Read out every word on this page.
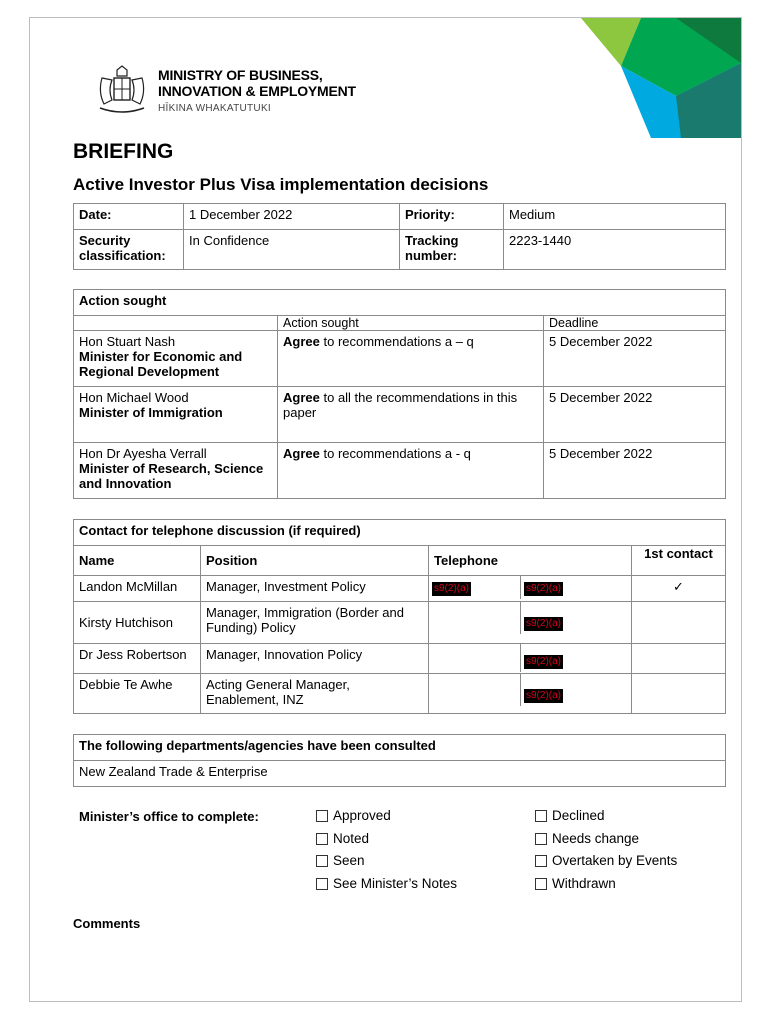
MINISTRY OF BUSINESS,
INNOVATION & EMPLOYMENT
HĪKINA WHAKATUTUKI
BRIEFING
Active Investor Plus Visa implementation decisions
Date:	1 December 2022	Priority:	Medium
Security classification:	In Confidence	Tracking number:	2223-1440
Action sought		
	Action sought	Deadline

Hon Stuart Nash
Minister for Economic and Regional Development	Agree to recommendations a – q	5 December 2022

Hon Michael Wood
Minister of Immigration	Agree to all the recommendations in this paper	5 December 2022

Hon Dr Ayesha Verrall
Minister of Research, Science and Innovation	Agree to recommendations a - q	5 December 2022
Contact for telephone discussion (if required)			
Name	Position	Telephone	1st contact
Landon McMillan	Manager, Investment Policy	s9(2)(a) s9(2)(a)	✓
Kirsty Hutchison	Manager, Immigration (Border and Funding) Policy	s9(2)(a)	

Dr Jess Robertson	Manager, Innovation Policy	s9(2)(a)	

Debbie Te Awhe	Acting General Manager, Enablement, INZ	s9(2)(a)	

The following departments/agencies have been consulted
New Zealand Trade & Enterprise
Minister’s office to complete:	Approved	Declined
Noted	Needs change
Seen	Overtaken by Events
See Minister’s Notes	Withdrawn
Comments
